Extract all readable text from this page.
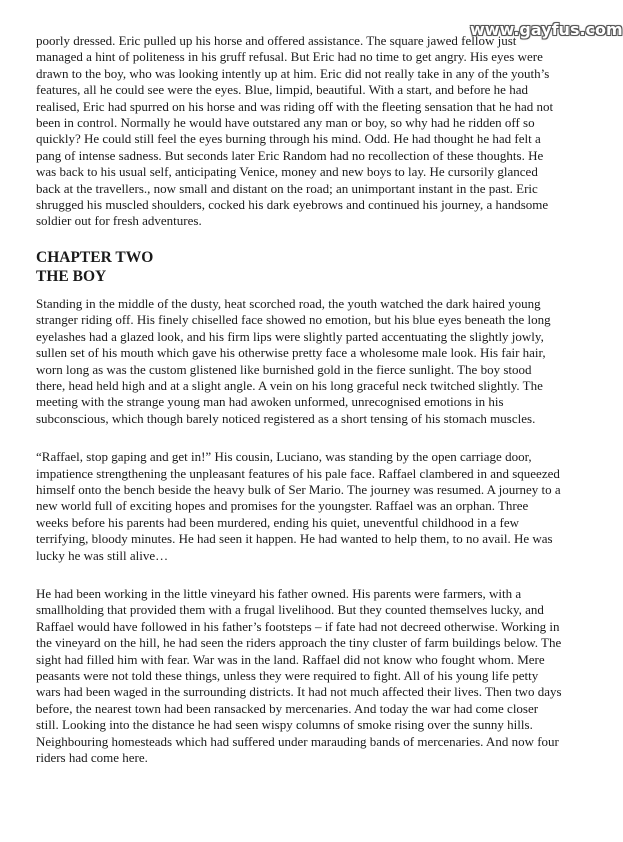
www.gayfus.com

poorly dressed. Eric pulled up his horse and offered assistance. The square jawed fellow just managed a hint of politeness in his gruff refusal. But Eric had no time to get angry. His eyes were drawn to the boy, who was looking intently up at him. Eric did not really take in any of the youth’s features, all he could see were the eyes. Blue, limpid, beautiful. With a start, and before he had realised, Eric had spurred on his horse and was riding off with the fleeting sensation that he had not been in control. Normally he would have outstared any man or boy, so why had he ridden off so quickly? He could still feel the eyes burning through his mind. Odd. He had thought he had felt a pang of intense sadness. But seconds later Eric Random had no recollection of these thoughts. He was back to his usual self, anticipating Venice, money and new boys to lay. He cursorily glanced back at the travellers., now small and distant on the road; an unimportant instant in the past. Eric shrugged his muscled shoulders, cocked his dark eyebrows and continued his journey, a handsome soldier out for fresh adventures.

CHAPTER TWO
THE BOY

Standing in the middle of the dusty, heat scorched road, the youth watched the dark haired young stranger riding off. His finely chiselled face showed no emotion, but his blue eyes beneath the long eyelashes had a glazed look, and his firm lips were slightly parted accentuating the slightly jowly, sullen set of his mouth which gave his otherwise pretty face a wholesome male look. His fair hair, worn long as was the custom glistened like burnished gold in the fierce sunlight. The boy stood there, head held high and at a slight angle. A vein on his long graceful neck twitched slightly. The meeting with the strange young man had awoken unformed, unrecognised emotions in his subconscious, which though barely noticed registered as a short tensing of his stomach muscles.

“Raffael, stop gaping and get in!” His cousin, Luciano, was standing by the open carriage door, impatience strengthening the unpleasant features of his pale face. Raffael clambered in and squeezed himself onto the bench beside the heavy bulk of Ser Mario. The journey was resumed. A journey to a new world full of exciting hopes and promises for the youngster. Raffael was an orphan. Three weeks before his parents had been murdered, ending his quiet, uneventful childhood in a few terrifying, bloody minutes. He had seen it happen. He had wanted to help them, to no avail. He was lucky he was still alive…

He had been working in the little vineyard his father owned. His parents were farmers, with a smallholding that provided them with a frugal livelihood. But they counted themselves lucky, and Raffael would have followed in his father’s footsteps – if fate had not decreed otherwise. Working in the vineyard on the hill, he had seen the riders approach the tiny cluster of farm buildings below. The sight had filled him with fear. War was in the land. Raffael did not know who fought whom. Mere peasants were not told these things, unless they were required to fight. All of his young life petty wars had been waged in the surrounding districts. It had not much affected their lives. Then two days before, the nearest town had been ransacked by mercenaries. And today the war had come closer still. Looking into the distance he had seen wispy columns of smoke rising over the sunny hills. Neighbouring homesteads which had suffered under marauding bands of mercenaries. And now four riders had come here.
